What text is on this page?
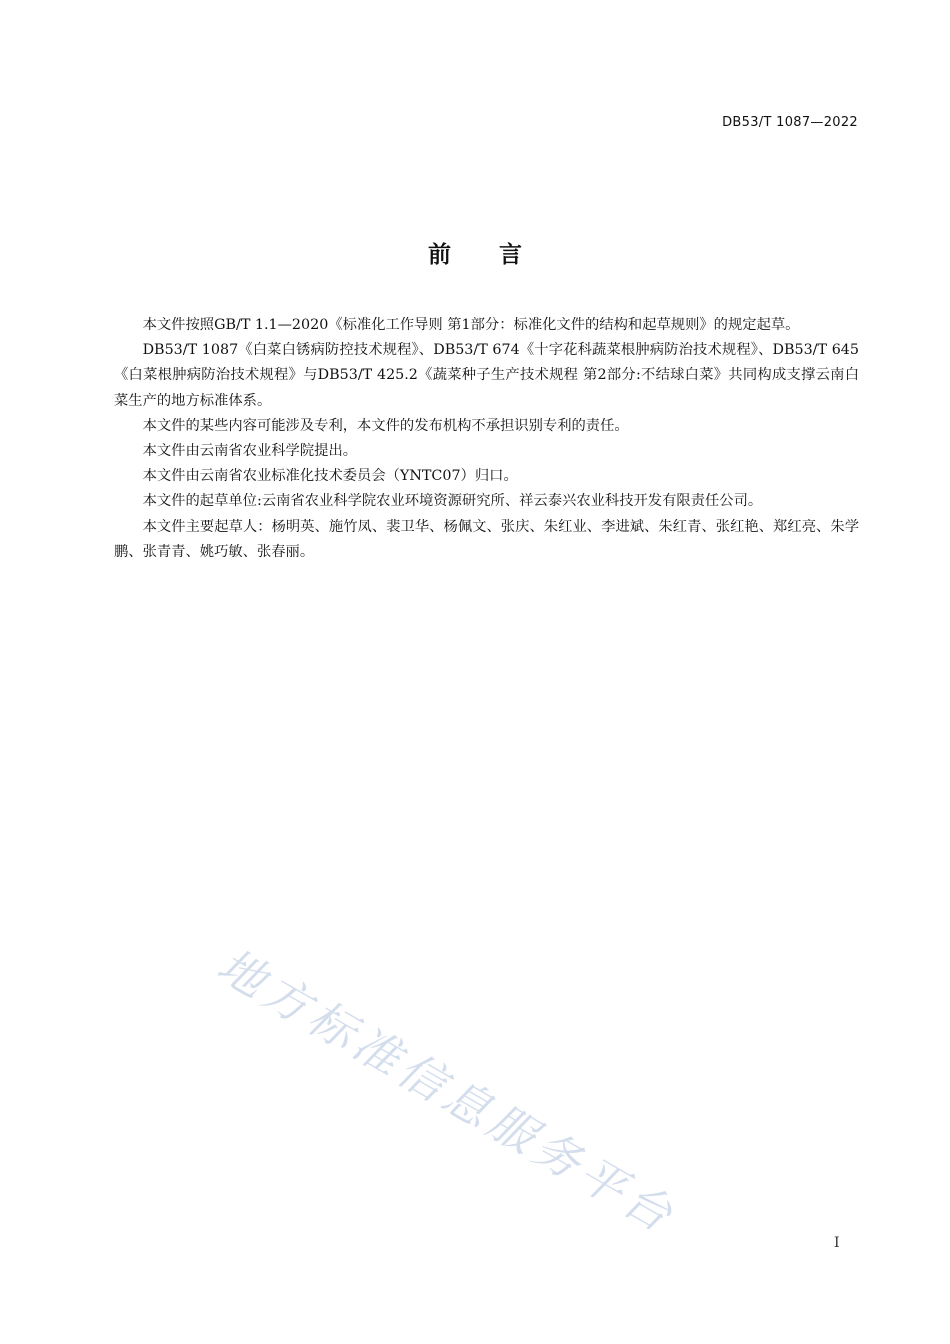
DB53/T 1087—2022
前言

本文件按照GB/T 1.1—2020《标准化工作导则 第1部分：标准化文件的结构和起草规则》的规定起草。

DB53/T 1087《白菜白锈病防控技术规程》、DB53/T 674《十字花科蔬菜根肿病防治技术规程》、DB53/T 645《白菜根肿病防治技术规程》与DB53/T 425.2《蔬菜种子生产技术规程 第2部分:不结球白菜》共同构成支撑云南白菜生产的地方标准体系。

本文件的某些内容可能涉及专利，本文件的发布机构不承担识别专利的责任。

本文件由云南省农业科学院提出。

本文件由云南省农业标准化技术委员会（YNTC07）归口。

本文件的起草单位:云南省农业科学院农业环境资源研究所、祥云泰兴农业科技开发有限责任公司。

本文件主要起草人：杨明英、施竹凤、裴卫华、杨佩文、张庆、朱红业、李进斌、朱红青、张红艳、郑红亮、朱学鹏、张青青、姚巧敏、张春丽。

地方标准信息服务平台	I
